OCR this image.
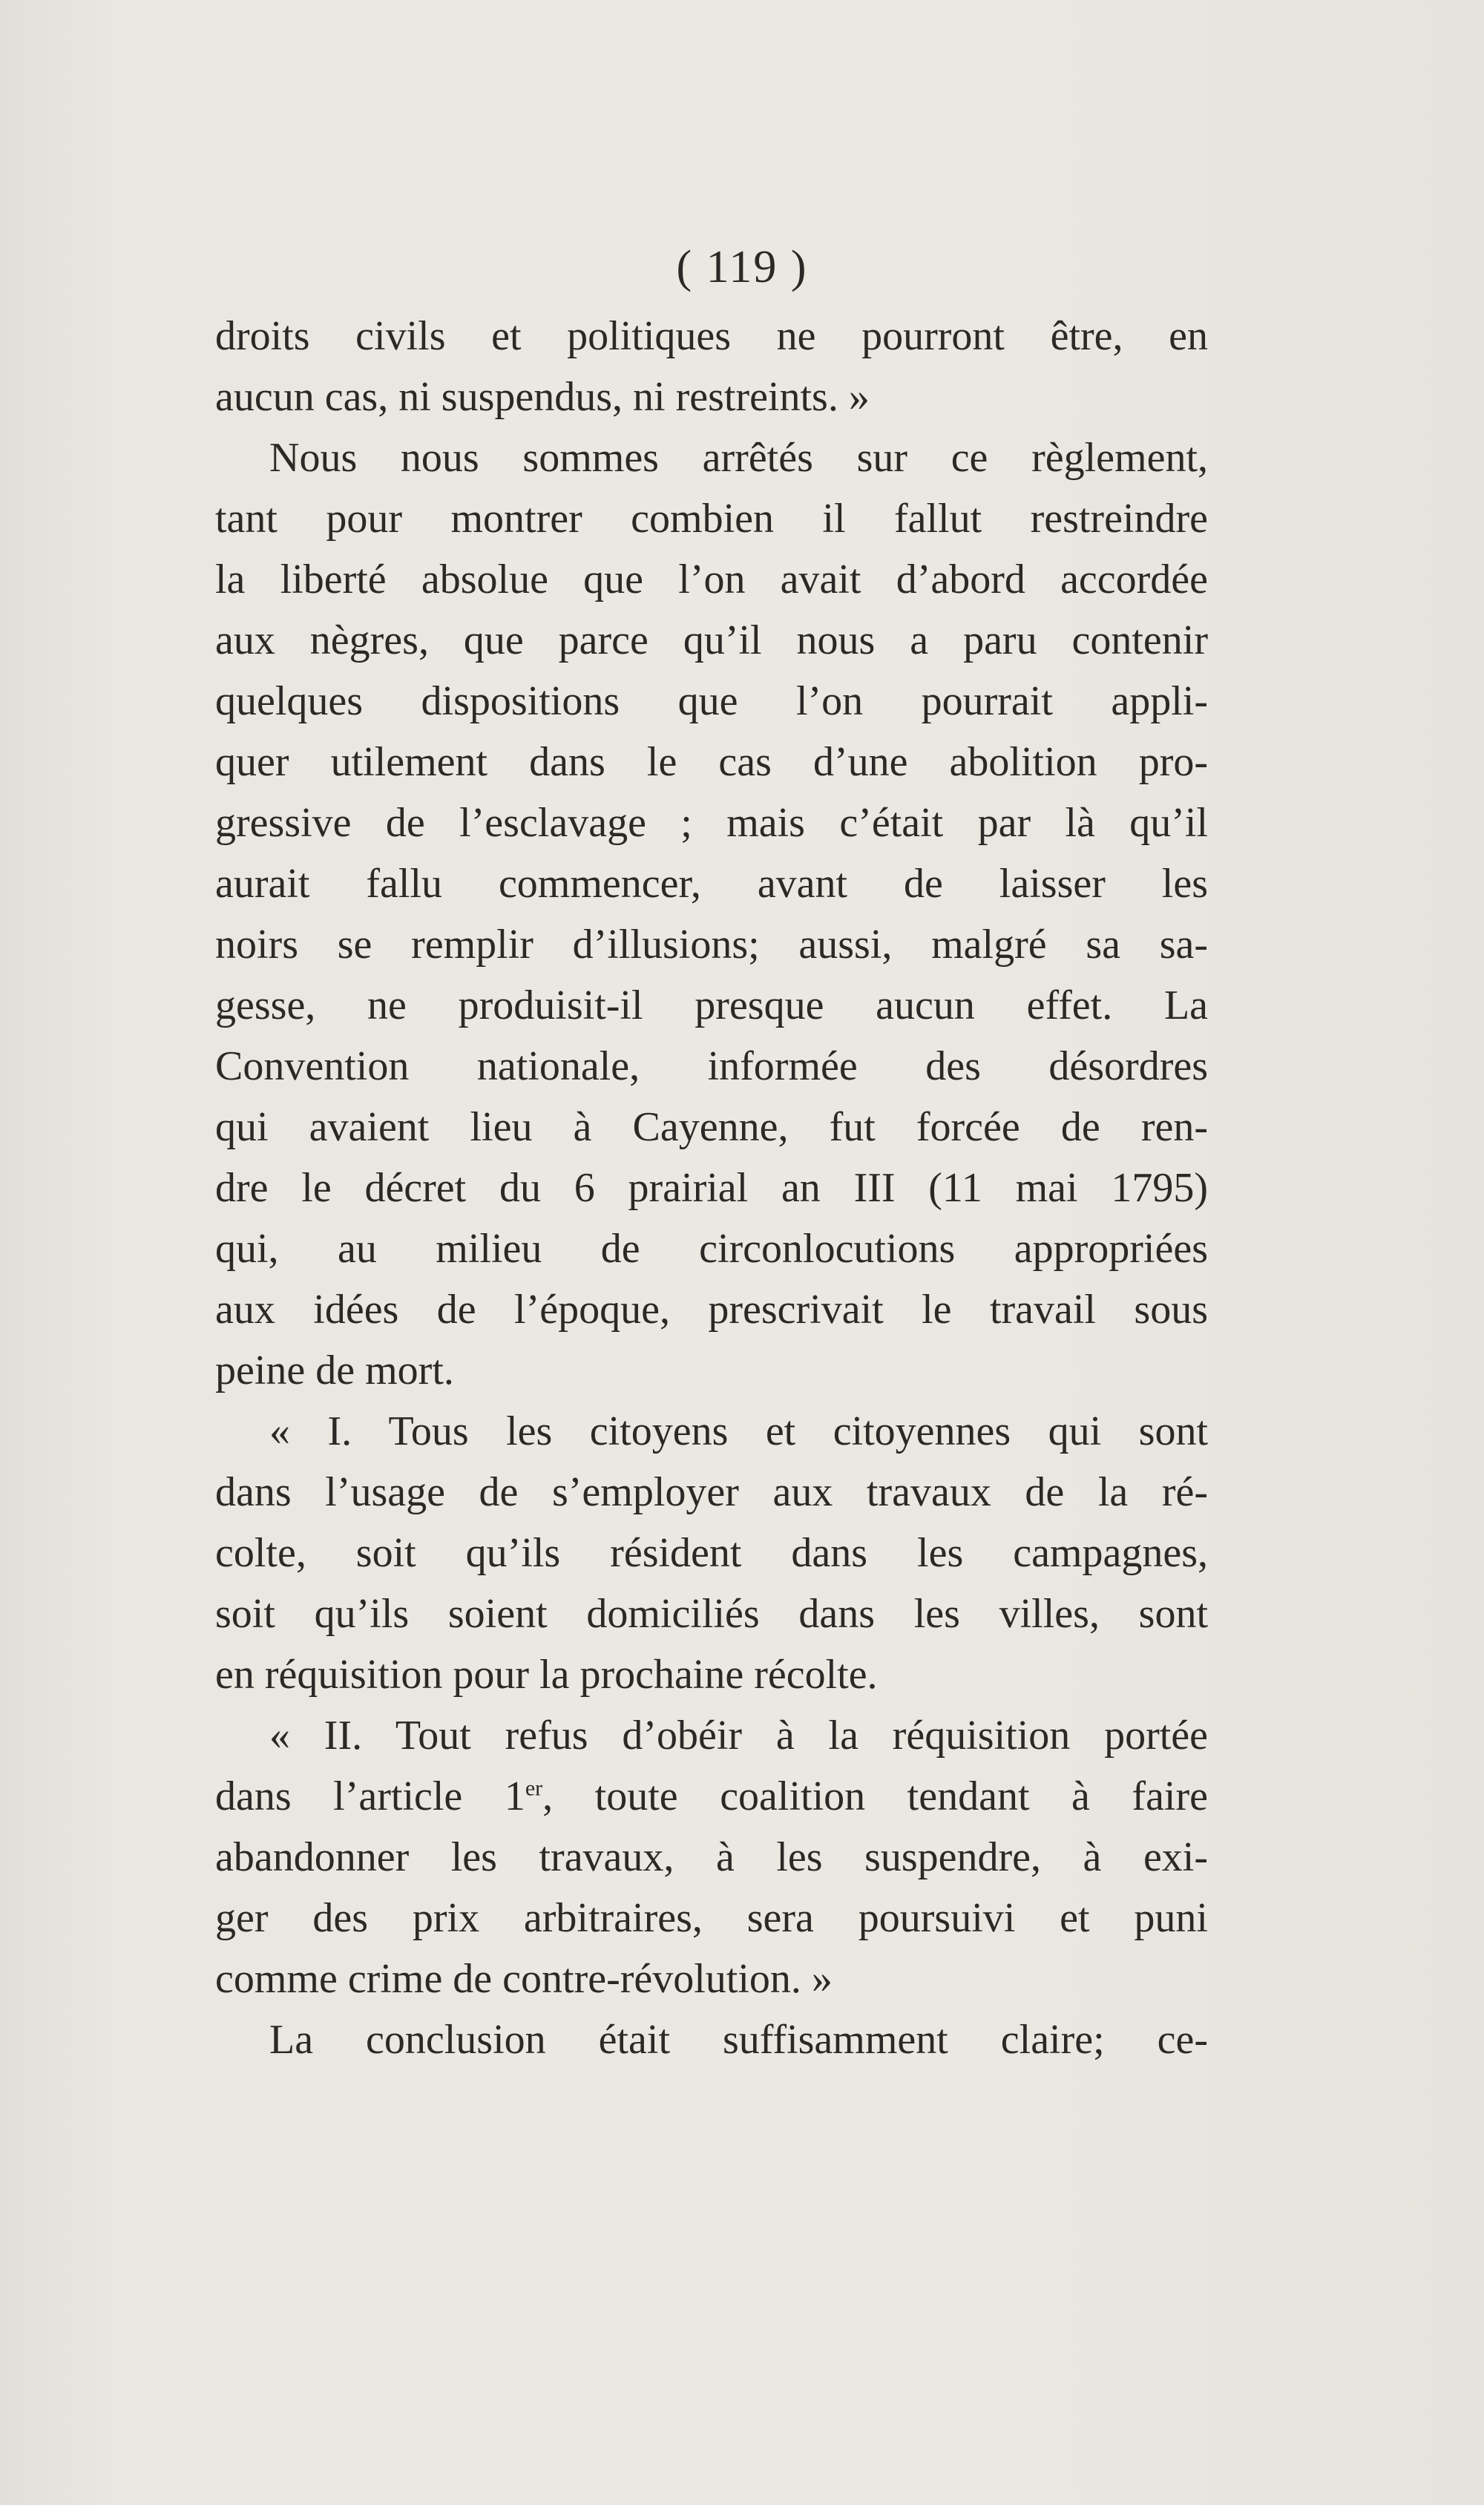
( 119 )
droits civils et politiques ne pourront être, en
aucun cas, ni suspendus, ni restreints. »
Nous nous sommes arrêtés sur ce règlement,
tant pour montrer combien il fallut restreindre
la liberté absolue que l’on avait d’abord accordée
aux nègres, que parce qu’il nous a paru contenir
quelques dispositions que l’on pourrait appli-
quer utilement dans le cas d’une abolition pro-
gressive de l’esclavage ; mais c’était par là qu’il
aurait fallu commencer, avant de laisser les
noirs se remplir d’illusions; aussi, malgré sa sa-
gesse, ne produisit-il presque aucun effet. La
Convention nationale, informée des désordres
qui avaient lieu à Cayenne, fut forcée de ren-
dre le décret du 6 prairial an III (11 mai 1795)
qui, au milieu de circonlocutions appropriées
aux idées de l’époque, prescrivait le travail sous
peine de mort.
« I. Tous les citoyens et citoyennes qui sont
dans l’usage de s’employer aux travaux de la ré-
colte, soit qu’ils résident dans les campagnes,
soit qu’ils soient domiciliés dans les villes, sont
en réquisition pour la prochaine récolte.
« II. Tout refus d’obéir à la réquisition portée
dans l’article 1er, toute coalition tendant à faire
abandonner les travaux, à les suspendre, à exi-
ger des prix arbitraires, sera poursuivi et puni
comme crime de contre-révolution. »
La conclusion était suffisamment claire; ce-
